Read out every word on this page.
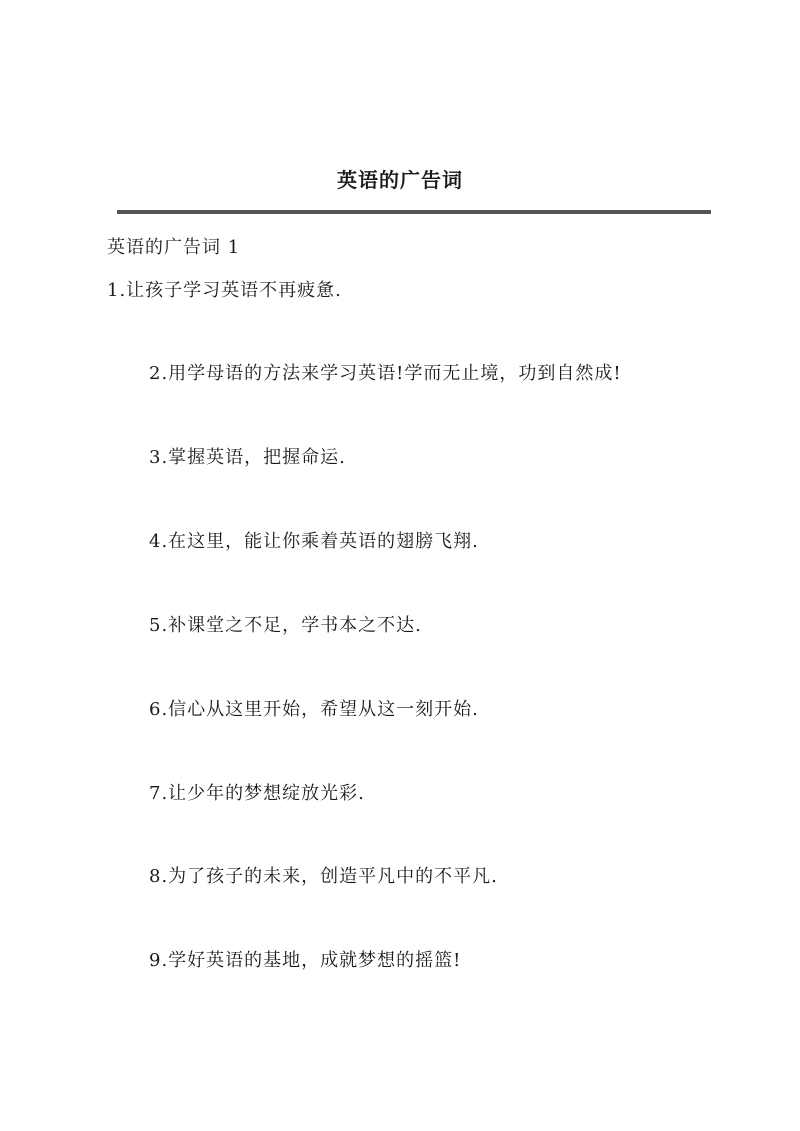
英语的广告词
英语的广告词 1
1.让孩子学习英语不再疲惫.
2.用学母语的方法来学习英语!学而无止境，功到自然成!
3.掌握英语，把握命运.
4.在这里，能让你乘着英语的翅膀飞翔.
5.补课堂之不足，学书本之不达.
6.信心从这里开始，希望从这一刻开始.
7.让少年的梦想绽放光彩.
8.为了孩子的未来，创造平凡中的不平凡.
9.学好英语的基地，成就梦想的摇篮!
